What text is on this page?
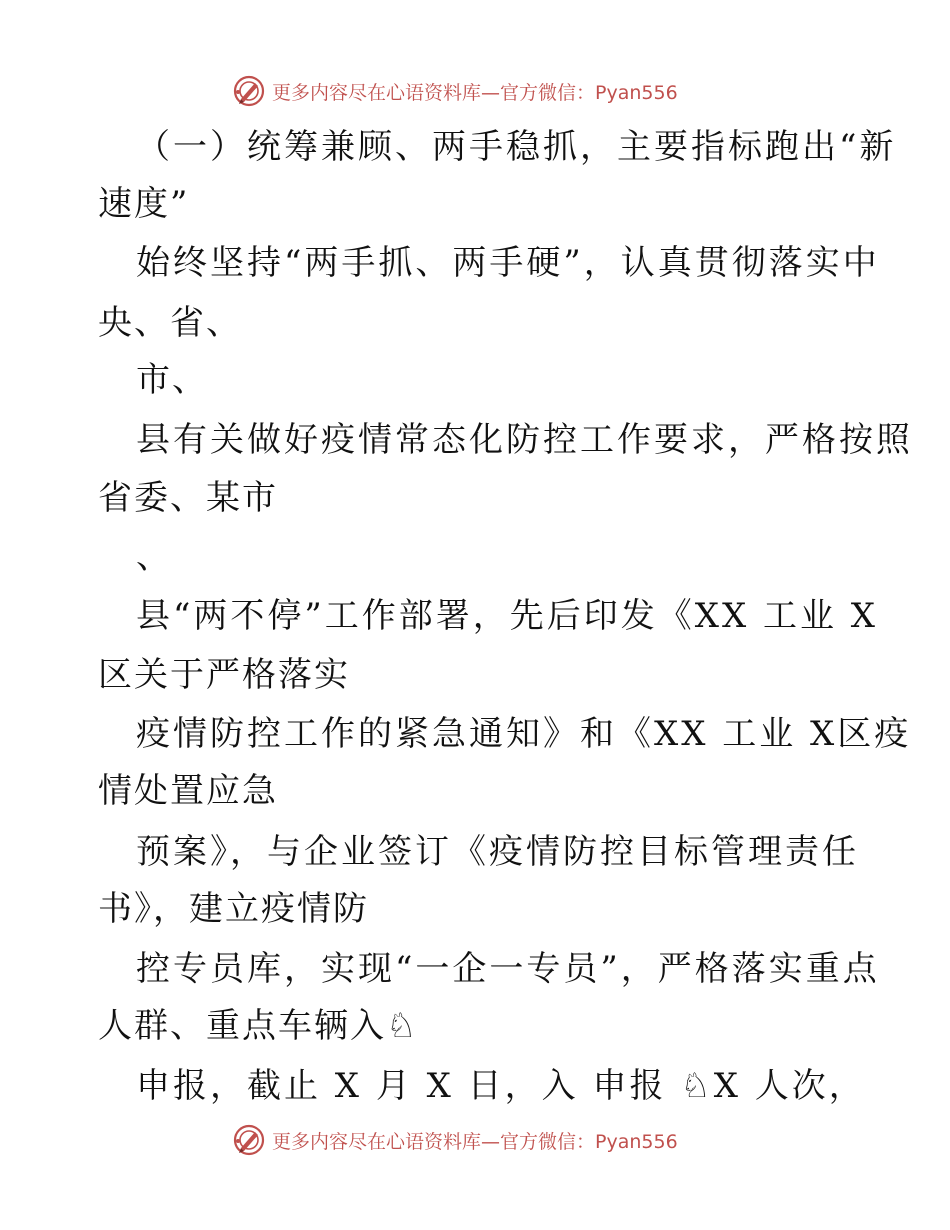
更多内容尽在心语资料库—官方微信：Pyan556
（一）统筹兼顾、两手稳抓，主要指标跑出“新
速度”
始终坚持“两手抓、两手硬”，认真贯彻落实中
央、省、
市、
县有关做好疫情常态化防控工作要求，严格按照
省委、某市
、
县“两不停”工作部署，先后印发《XX 工业 X
区关于严格落实
疫情防控工作的紧急通知》和《XX 工业 X区疫
情处置应急
预案》，与企业签订《疫情防控目标管理责任
书》，建立疫情防
控专员库，实现“一企一专员”，严格落实重点
人群、重点车辆入♘
申报，截止 X 月 X 日，入 申报 ♘X 人次，
更多内容尽在心语资料库—官方微信：Pyan556
